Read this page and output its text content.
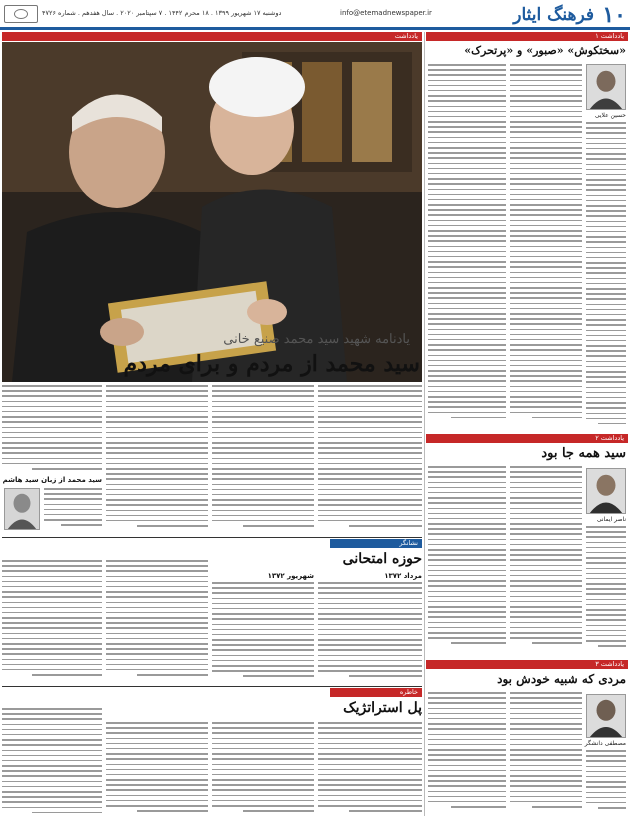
۱۰
فرهنگ ایثار
info@etemadnewspaper.ir
دوشنبه ۱۷ شهریور ۱۳۹۹ . ۱۸ محرم ۱۴۴۲ . ۷ سپتامبر ۲۰۲۰ . سال هفدهم . شماره ۴۷۲۶
یادداشت ۱
یادداشت
یادنامه شهید سید محمد صنیع خانی
سید محمد از مردم و برای مردم
سید محمد از زبان سید هاشم
«سختکوش» «صبور» و «پرتحرک»
حسین علایی
یادداشت ۲
سید همه جا بود
ناصر ایمانی
یادداشت ۳
مردی که شبیه خودش بود
مصطفی دانشگر
نشانگر
حوزه امتحانی
مرداد ۱۳۷۲
شهریور ۱۳۷۲
خاطره
پل استراتژیک
